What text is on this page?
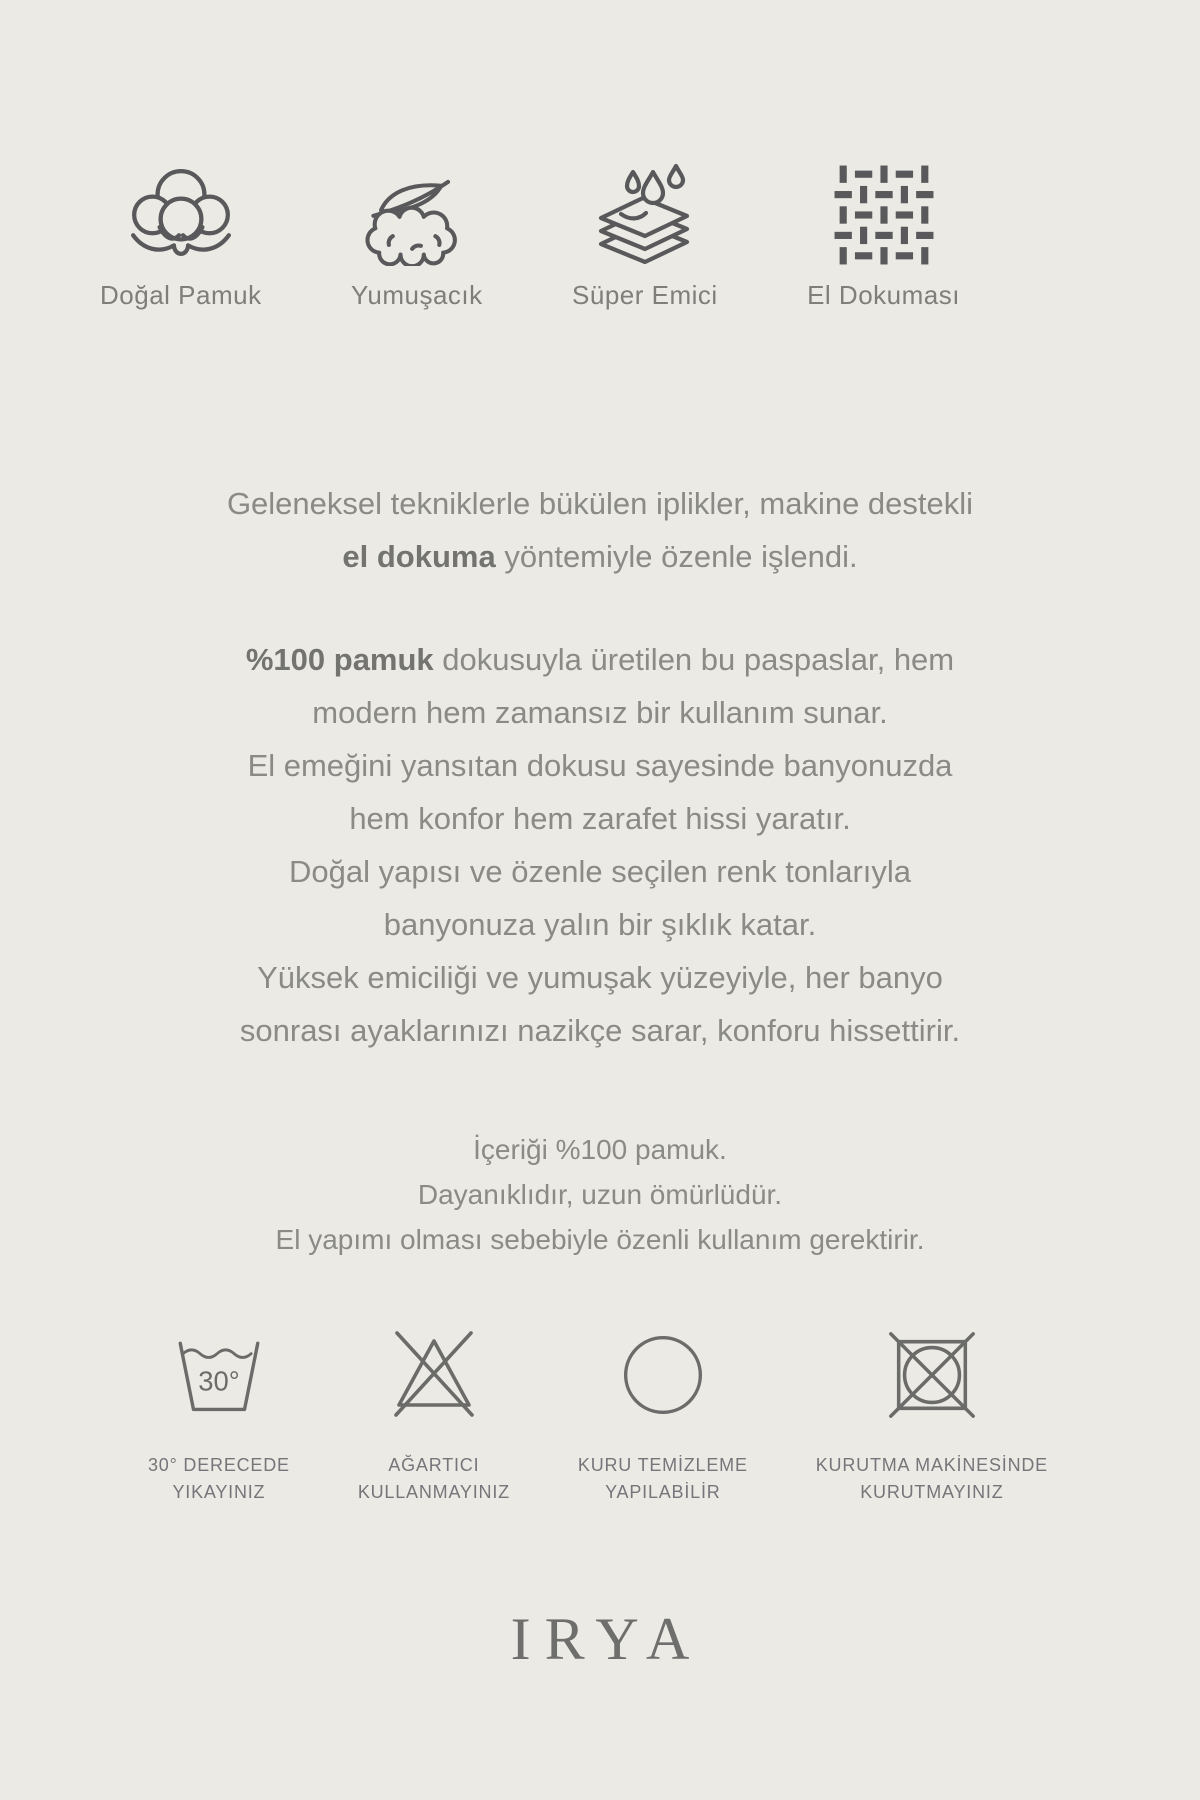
Doğal Pamuk	Yumuşacık	Süper Emici	El Dokuması

Geleneksel tekniklerle bükülen iplikler, makine destekli
el dokuma yöntemiyle özenle işlendi.

%100 pamuk dokusuyla üretilen bu paspaslar, hem
modern hem zamansız bir kullanım sunar.
El emeğini yansıtan dokusu sayesinde banyonuzda
hem konfor hem zarafet hissi yaratır.
Doğal yapısı ve özenle seçilen renk tonlarıyla
banyonuza yalın bir şıklık katar.
Yüksek emiciliği ve yumuşak yüzeyiyle, her banyo
sonrası ayaklarınızı nazikçe sarar, konforu hissettirir.

İçeriği %100 pamuk.
Dayanıklıdır, uzun ömürlüdür.
El yapımı olması sebebiyle özenli kullanım gerektirir.

30°
30° DERECEDE
YIKAYINIZ
AĞARTICI
KULLANMAYINIZ
KURU TEMİZLEME
YAPILABİLİR
KURUTMA MAKİNESİNDE
KURUTMAYINIZ
IRYA
